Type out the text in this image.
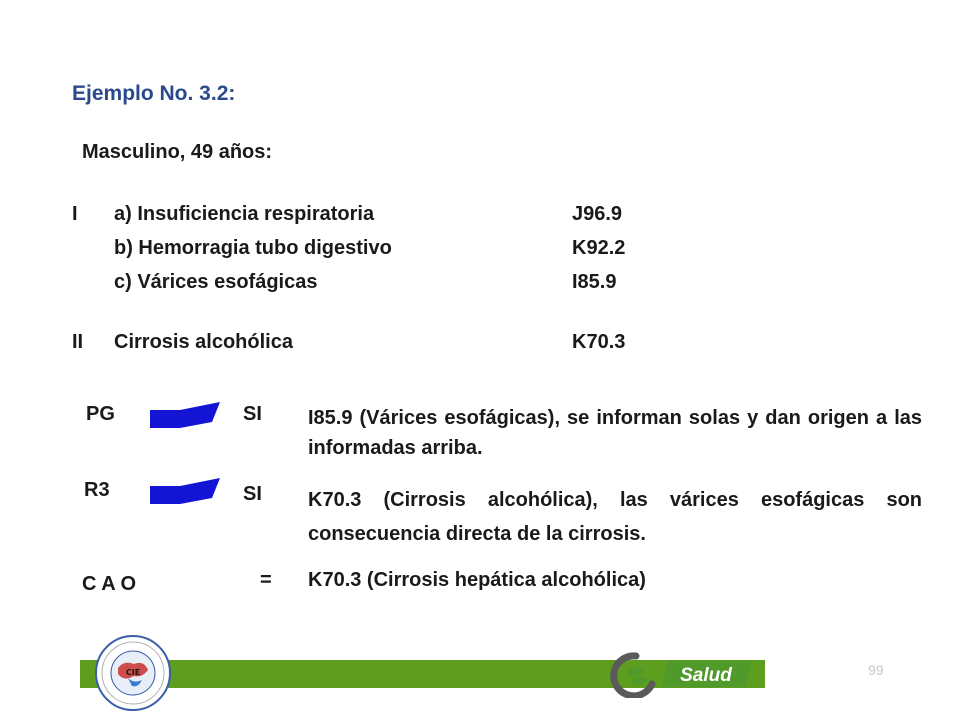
Ejemplo No. 3.2:
Masculino, 49 años:
I a) Insuficiencia respiratoria	J96.9
b) Hemorragia tubo digestivo	K92.2
c) Várices esofágicas	I85.9
II Cirrosis alcohólica	K70.3
PG	SI I85.9 (Várices esofágicas), se informan solas y dan origen a las informadas arriba.
R3	SI K70.3 (Cirrosis alcohólica), las várices esofágicas son consecuencia directa de la cirrosis.
C A O	= K70.3 (Cirrosis hepática alcohólica)
CIE	Salud	99
